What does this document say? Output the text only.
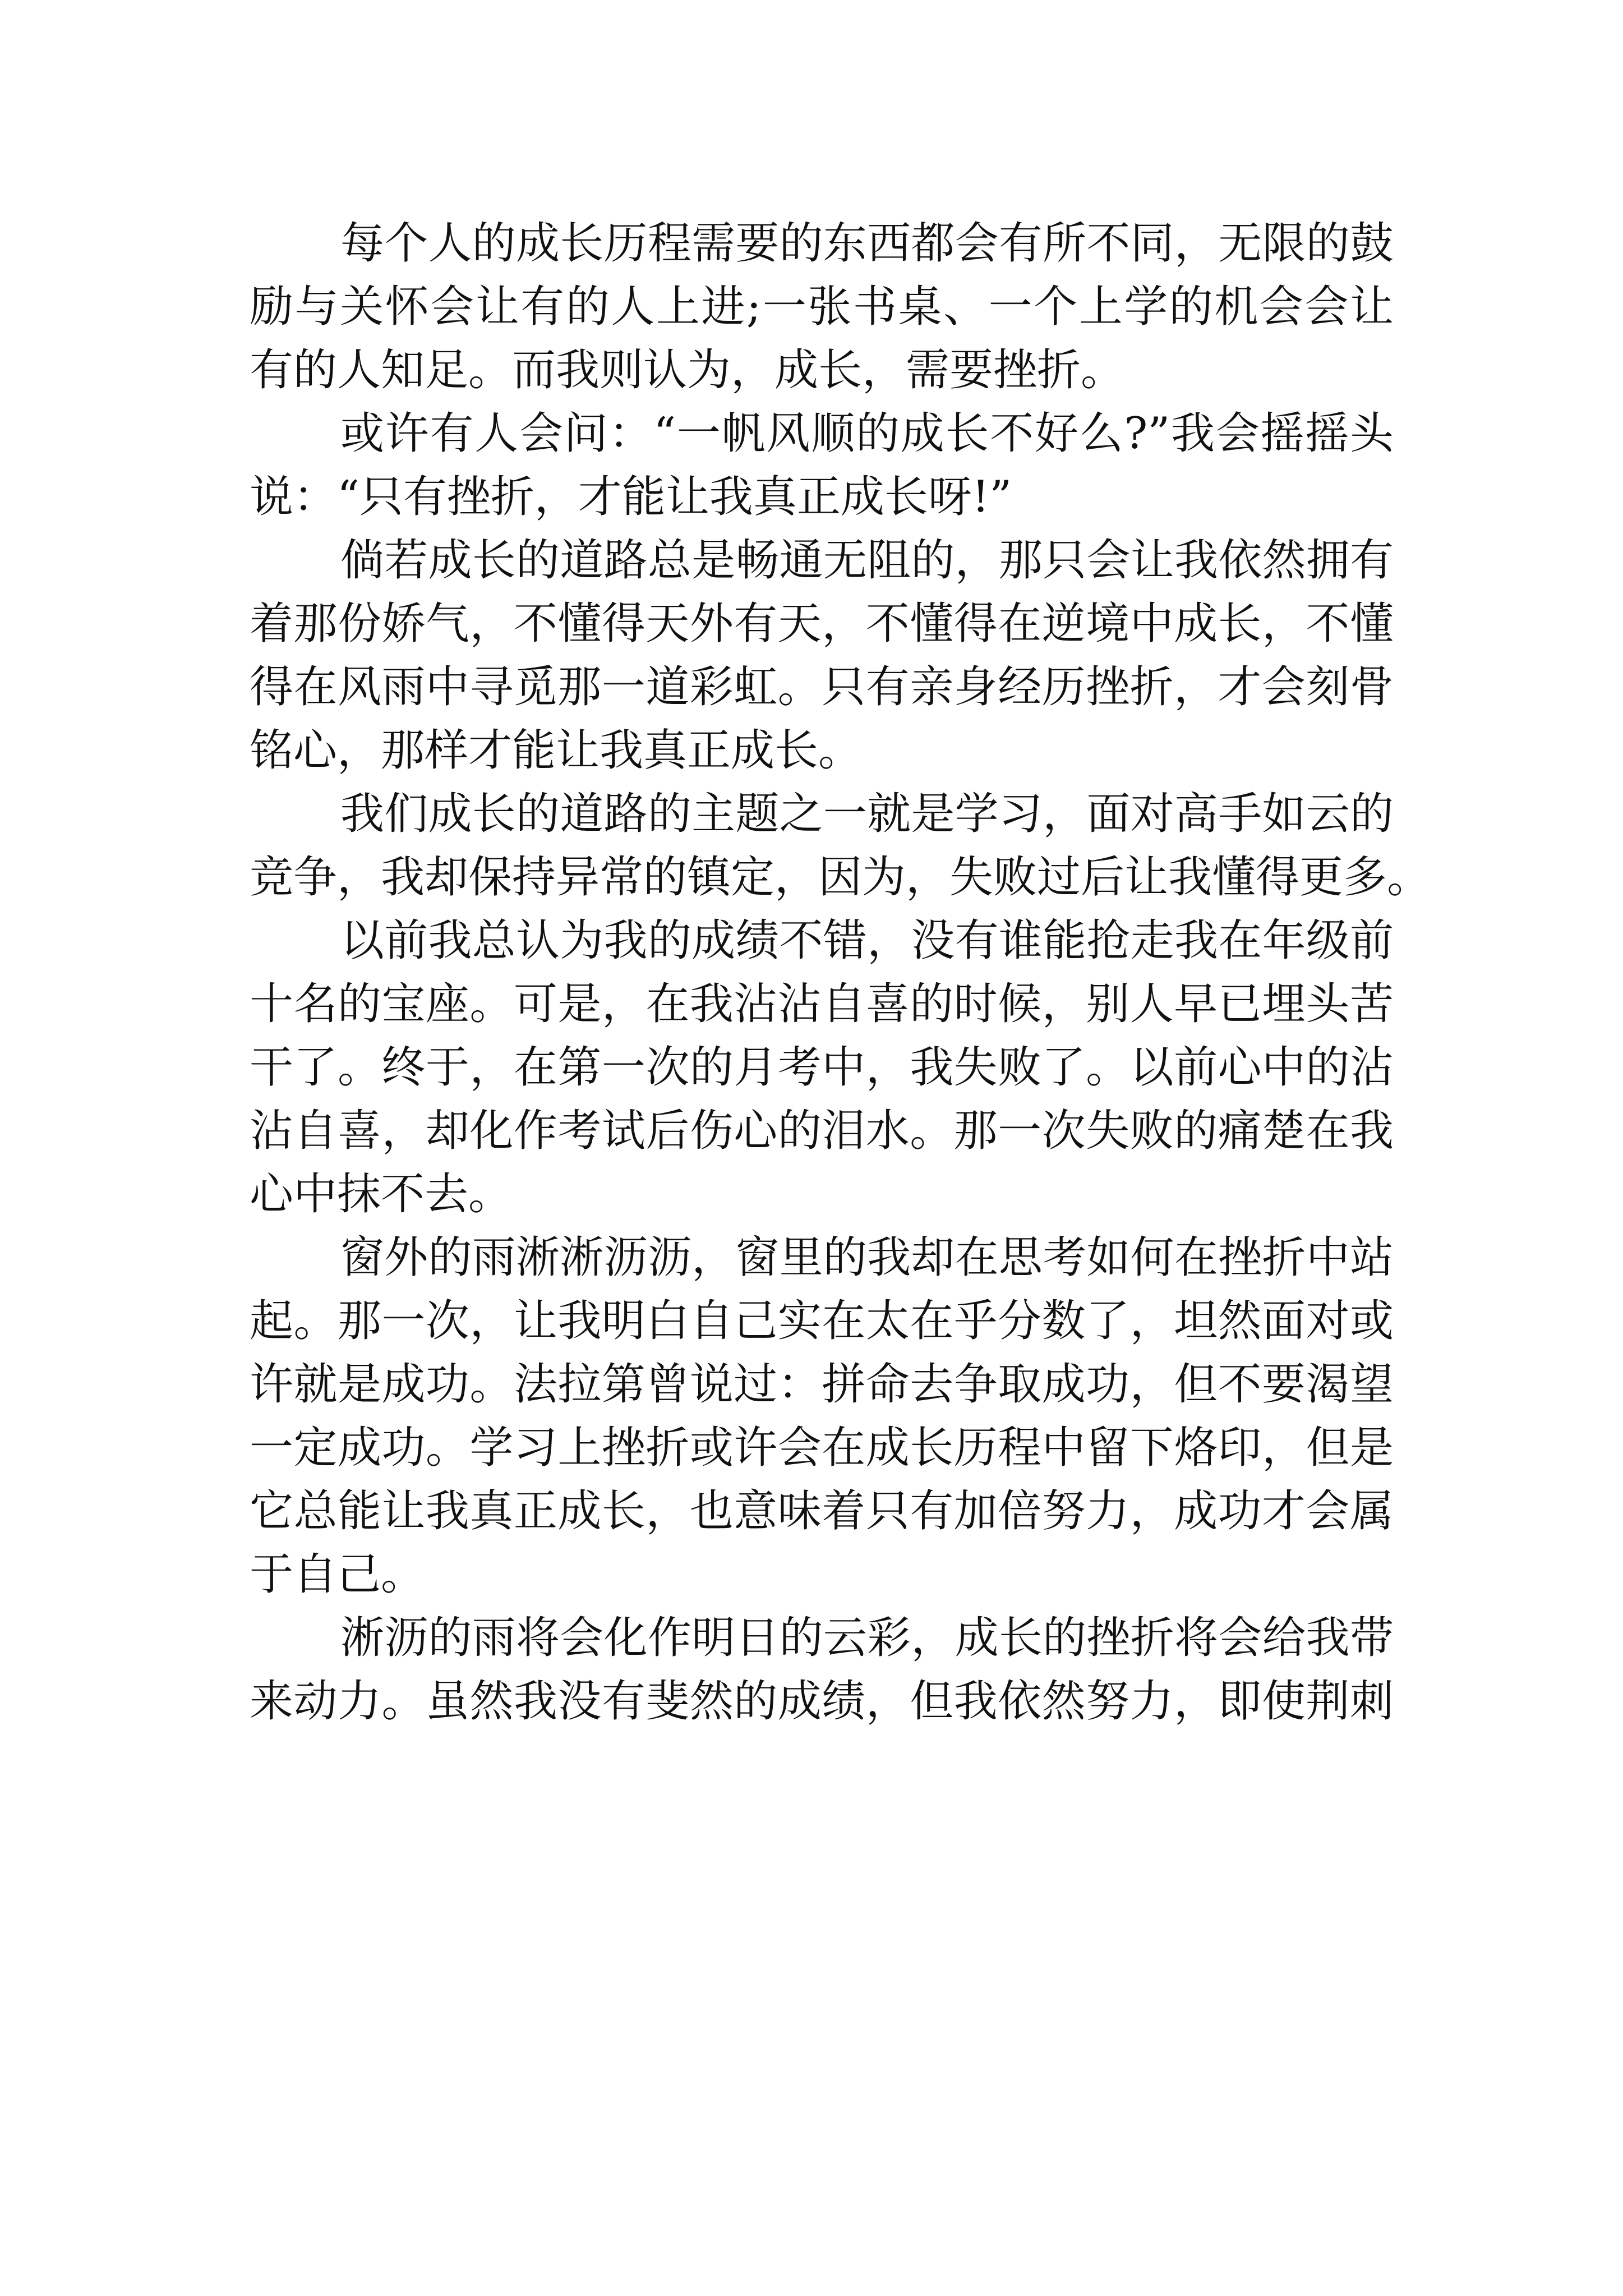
每个人的成长历程需要的东西都会有所不同，无限的鼓
励与关怀会让有的人上进;一张书桌、一个上学的机会会让
有的人知足。而我则认为，成长，需要挫折。
或许有人会问：“一帆风顺的成长不好么?”我会摇摇头
说：“只有挫折，才能让我真正成长呀!”
倘若成长的道路总是畅通无阻的，那只会让我依然拥有
着那份娇气，不懂得天外有天，不懂得在逆境中成长，不懂
得在风雨中寻觅那一道彩虹。只有亲身经历挫折，才会刻骨
铭心，那样才能让我真正成长。
我们成长的道路的主题之一就是学习，面对高手如云的
竞争，我却保持异常的镇定，因为，失败过后让我懂得更多。
以前我总认为我的成绩不错，没有谁能抢走我在年级前
十名的宝座。可是，在我沾沾自喜的时候，别人早已埋头苦
干了。终于，在第一次的月考中，我失败了。以前心中的沾
沾自喜，却化作考试后伤心的泪水。那一次失败的痛楚在我
心中抹不去。
窗外的雨淅淅沥沥，窗里的我却在思考如何在挫折中站
起。那一次，让我明白自己实在太在乎分数了，坦然面对或
许就是成功。法拉第曾说过：拼命去争取成功，但不要渴望
一定成功。学习上挫折或许会在成长历程中留下烙印，但是
它总能让我真正成长，也意味着只有加倍努力，成功才会属
于自己。
淅沥的雨将会化作明日的云彩，成长的挫折将会给我带
来动力。虽然我没有斐然的成绩，但我依然努力，即使荆刺
